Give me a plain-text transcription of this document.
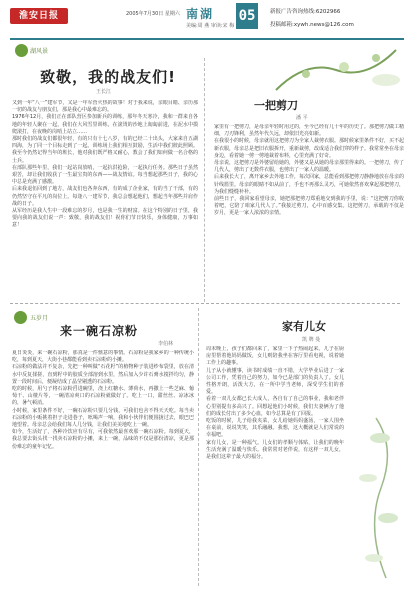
淮安日报	2005年7月30日 星期六 南湖
美编:周 燕 审读:宋 梅
05	新报广告咨询热线:6202966
投稿邮箱:xywh.news@126.com
湖风景
致敬，我的战友们!
王长江
又到一年“八一”建军节，又是一年军营火热的故事！对于我来说，亲眼目睹、亲历那一切的战友与朋友们，那是我心中最难忘的。
1976年12月，我们正在部队营区参加新兵的训练，那年冬天寒冷，我和一群来自各地的年轻人聚在一起，我们在大风雪里训练，在滚烫的沙地上匍匐前进，在泥水中摸爬滚打，在夜晚的岗哨上站立……
那时我们的战友们都很年轻，有的只有十七八岁，有的已经二十出头，大家来自五湖四海，为了同一个目标走到了一起。训练场上我们相互鼓励，生活中我们彼此照顾。我至今仍然记得当年的班长，他对我们既严格又耐心，教会了我们如何做一名合格的士兵。
在部队那些年里，我们一起站岗放哨，一起抗洪抢险，一起执行任务。那些日子虽然艰苦，却让我们收获了一生最宝贵的东西——战友情谊。每当想起那些日子，我的心中总是充满了感激。
后来我退伍回到了地方，战友们也各奔东西，有的成了企业家，有的当了干部，有的仍然坚守在平凡的岗位上。每逢八一建军节，我总会想起他们，想起当年那些并肩作战的日子。
从军经历是我人生中一段难忘的岁月，也是我一生的财富。在这个特别的日子里，我要向我的战友们说一声：致敬，我的战友们！祝你们节日快乐，身体健康，万事如意！
一把剪刀
潘 平
家里有一把剪刀，是母亲年轻时用过的，至今已经有几十年的历史了。那把剪刀做工精细，刀刃锋利，虽然年代久远，却依旧光亮如新。
在我很小的时候，母亲就用这把剪刀为全家人裁剪衣服。那时候家里条件不好，买不起新衣服，母亲总是把旧衣服拆开，重新裁剪，改成适合我们穿的样子。我常常坐在母亲身边，看着她一剪一剪地裁着布料，心里充满了好奇。
母亲说，这把剪刀是外婆留给她的，外婆又是从她的母亲那里得来的。一把剪刀，传了几代人，剪出了无数件衣服，也剪出了一家人的温暖。
后来我长大了，离开家乡去外地工作，每次回家，总能看到那把剪刀静静地放在母亲的针线篮里。母亲的眼睛不如从前了，手也不再那么灵巧，可她依然喜欢拿起那把剪刀，为我们缝缝补补。
前些日子，我回家看望母亲，她把那把剪刀郑重地交到我的手里，说：“这把剪刀你收着吧，它陪了咱家几代人了。”我接过剪刀，心中百感交集。这把剪刀，承载的不仅是岁月，更是一家人浓浓的亲情。
五岁月
来一碗石凉粉
李伯林
夏日炎炎，来一碗石凉粉，那真是一件惬意的事情。石凉粉是我家乡的一种传统小吃，每到夏天，大街小巷都能看到卖石凉粉的小摊。
石凉粉的做法并不复杂，先把一种叫做“石花籽”的植物种子装进纱布袋里，放在清水中反复揉搓，直到籽中的胶质全部溶到水里，然后加入少许石膏水搅拌均匀，静置一段时间后，便凝结成了晶莹剔透的石凉粉。
吃的时候，用勺子将石凉粉舀进碗里，浇上红糖水、薄荷水，再撒上一些芝麻、葡萄干、山楂片等，一碗清凉爽口的石凉粉就做好了。吃上一口，甜丝丝、凉冰冰的，暑气顿消。
小时候，家里条件不好，一碗石凉粉只要几分钱，可我们也舍不得天天吃。每当卖石凉粉的小贩挑着担子走进巷子，吆喝声一响，我和小伙伴们便围拢过去，眼巴巴地望着。母亲总会给我们每人几分钱，让我们美美地吃上一碗。
如今，生活好了，各种冷饮应有尽有，可我依然最喜欢那一碗石凉粉。每到夏天，我总要去街头找一找卖石凉粉的小摊，来上一碗，品味的不仅是那份清凉，更是那份难忘的童年记忆。
家有儿女
凯 牌 曼
周末晚上，孩子们都回来了，家里一下子热闹起来。儿子在厨房里帮着他妈妈做饭，女儿则陪我坐在客厅里看电视，说着她工作上的趣事。
儿子从小就懂事，读书时成绩一直不错，大学毕业后进了一家公司工作，凭着自己的努力，如今已是部门的负责人了。女儿性格开朗，活泼大方，在一所中学当老师，深受学生们的喜爱。
看着一双儿女都已长大成人，各自有了自己的事业，我和老伴心里别提有多高兴了。回想起他们小时候，我们夫妻俩为了他们的成长付出了多少心血，如今总算是有了回报。
吃饭的时候，儿子给我夹菜，女儿给她妈妈盛汤，一家人围坐在桌前，说说笑笑，其乐融融。我想，这大概就是人们常说的幸福吧。
家有儿女，是一种福气。儿女们的孝顺与体贴，让我们的晚年生活充满了温暖与快乐。我常常对老伴说，有这样一双儿女，是我们这辈子最大的福分。
